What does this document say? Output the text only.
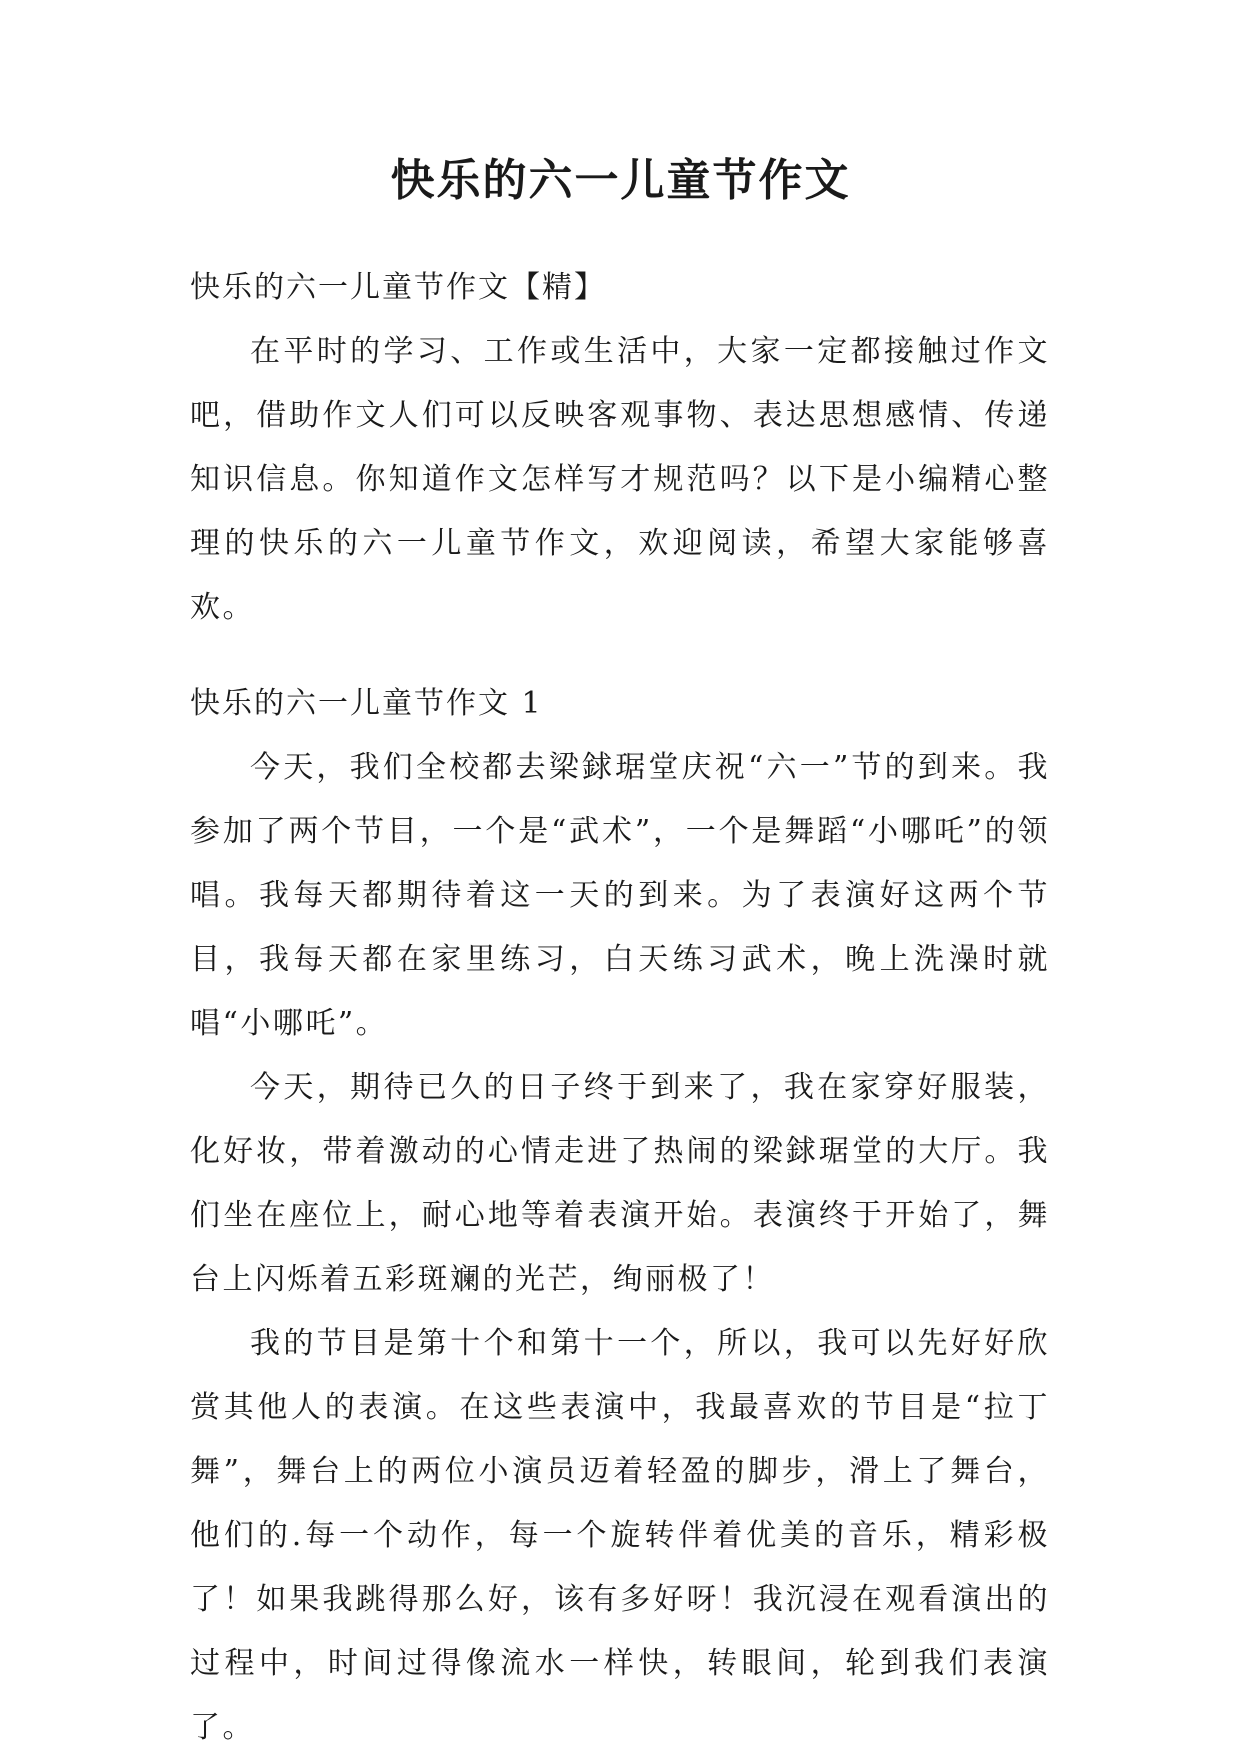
快乐的六一儿童节作文

快乐的六一儿童节作文【精】

在平时的学习、工作或生活中，大家一定都接触过作文吧，借助作文人们可以反映客观事物、表达思想感情、传递知识信息。你知道作文怎样写才规范吗？以下是小编精心整理的快乐的六一儿童节作文，欢迎阅读，希望大家能够喜欢。

快乐的六一儿童节作文 1

今天，我们全校都去梁銶琚堂庆祝“六一”节的到来。我参加了两个节目，一个是“武术”，一个是舞蹈“小哪吒”的领唱。我每天都期待着这一天的到来。为了表演好这两个节目，我每天都在家里练习，白天练习武术，晚上洗澡时就唱“小哪吒”。

今天，期待已久的日子终于到来了，我在家穿好服装，化好妆，带着激动的心情走进了热闹的梁銶琚堂的大厅。我们坐在座位上，耐心地等着表演开始。表演终于开始了，舞台上闪烁着五彩斑斓的光芒，绚丽极了！

我的节目是第十个和第十一个，所以，我可以先好好欣赏其他人的表演。在这些表演中，我最喜欢的节目是“拉丁舞”，舞台上的两位小演员迈着轻盈的脚步，滑上了舞台，他们的.每一个动作，每一个旋转伴着优美的音乐，精彩极了！如果我跳得那么好，该有多好呀！我沉浸在观看演出的过程中，时间过得像流水一样快，转眼间，轮到我们表演了。
